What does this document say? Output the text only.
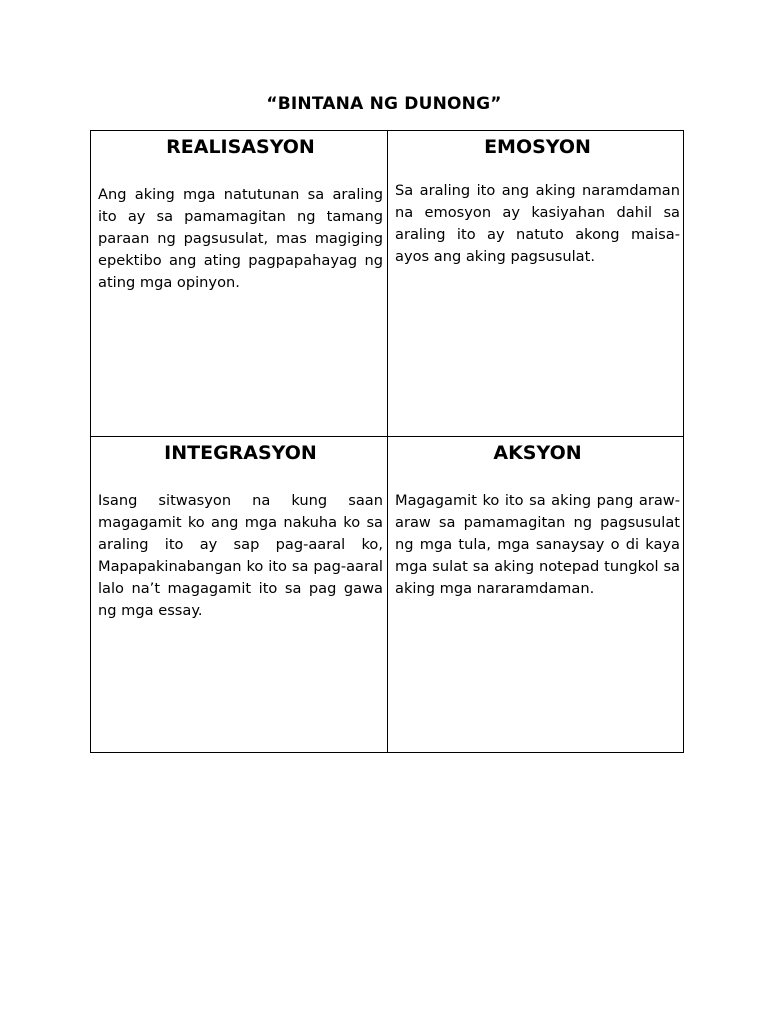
“BINTANA NG DUNONG”
REALISASYON

Ang aking mga natutunan sa araling ito ay sa pamamagitan ng tamang paraan ng pagsusulat, mas magiging epektibo ang ating pagpapahayag ng ating mga opinyon.

EMOSYON

Sa araling ito ang aking naramdaman na emosyon ay kasiyahan dahil sa araling ito ay natuto akong maisa-ayos ang aking pagsusulat.

INTEGRASYON

Isang sitwasyon na kung saan magagamit ko ang mga nakuha ko sa araling ito ay sap pag-aaral ko, Mapapakinabangan ko ito sa pag-aaral lalo na’t magagamit ito sa pag gawa ng mga essay.

AKSYON

Magagamit ko ito sa aking pang araw-araw sa pamamagitan ng pagsusulat ng mga tula, mga sanaysay o di kaya mga sulat sa aking notepad tungkol sa aking mga nararamdaman.
